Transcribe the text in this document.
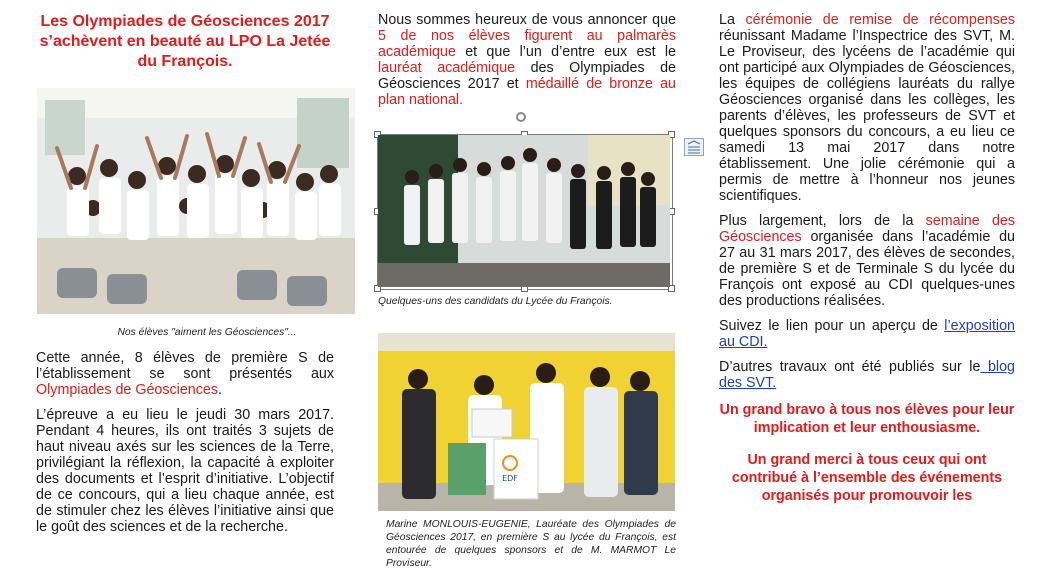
Les Olympiades de Géosciences 2017 s’achèvent en beauté au LPO La Jetée du François.
Nos élèves "aiment les Géosciences"...

Cette année, 8 élèves de première S de l’établissement se sont présentés aux Olympiades de Géosciences.

L’épreuve a eu lieu le jeudi 30 mars 2017. Pendant 4 heures, ils ont traités 3 sujets de haut niveau axés sur les sciences de la Terre, privilégiant la réflexion, la capacité à exploiter des documents et l’esprit d’initiative. L’objectif de ce concours, qui a lieu chaque année, est de stimuler chez les élèves l’initiative ainsi que le goût des sciences et de la recherche.

Nous sommes heureux de vous annoncer que 5 de nos élèves figurent au palmarès académique et que l’un d’entre eux est le lauréat académique des Olympiades de Géosciences 2017 et médaillé de bronze au plan national.

Quelques-uns des candidats du Lycée du François.
EDF
Marine MONLOUIS-EUGENIE, Lauréate des Olympiades de Géosciences 2017, en première S au lycée du François, est entourée de quelques sponsors et de M. MARMOT Le Proviseur.

La cérémonie de remise de récompenses réunissant Madame l’Inspectrice des SVT, M. Le Proviseur, des lycéens de l’académie qui ont participé aux Olympiades de Géosciences, les équipes de collégiens lauréats du rallye Géosciences organisé dans les collèges, les parents d’élèves, les professeurs de SVT et quelques sponsors du concours, a eu lieu ce samedi 13 mai 2017 dans notre établissement. Une jolie cérémonie qui a permis de mettre à l’honneur nos jeunes scientifiques.

Plus largement, lors de la semaine des Géosciences organisée dans l’académie du 27 au 31 mars 2017, des élèves de secondes, de première S et de Terminale S du lycée du François ont exposé au CDI quelques-unes des productions réalisées.

Suivez le lien pour un aperçu de l’exposition au CDI.

D’autres travaux ont été publiés sur le blog des SVT.

Un grand bravo à tous nos élèves pour leur implication et leur enthousiasme.

Un grand merci à tous ceux qui ont contribué à l’ensemble des événements organisés pour promouvoir les
